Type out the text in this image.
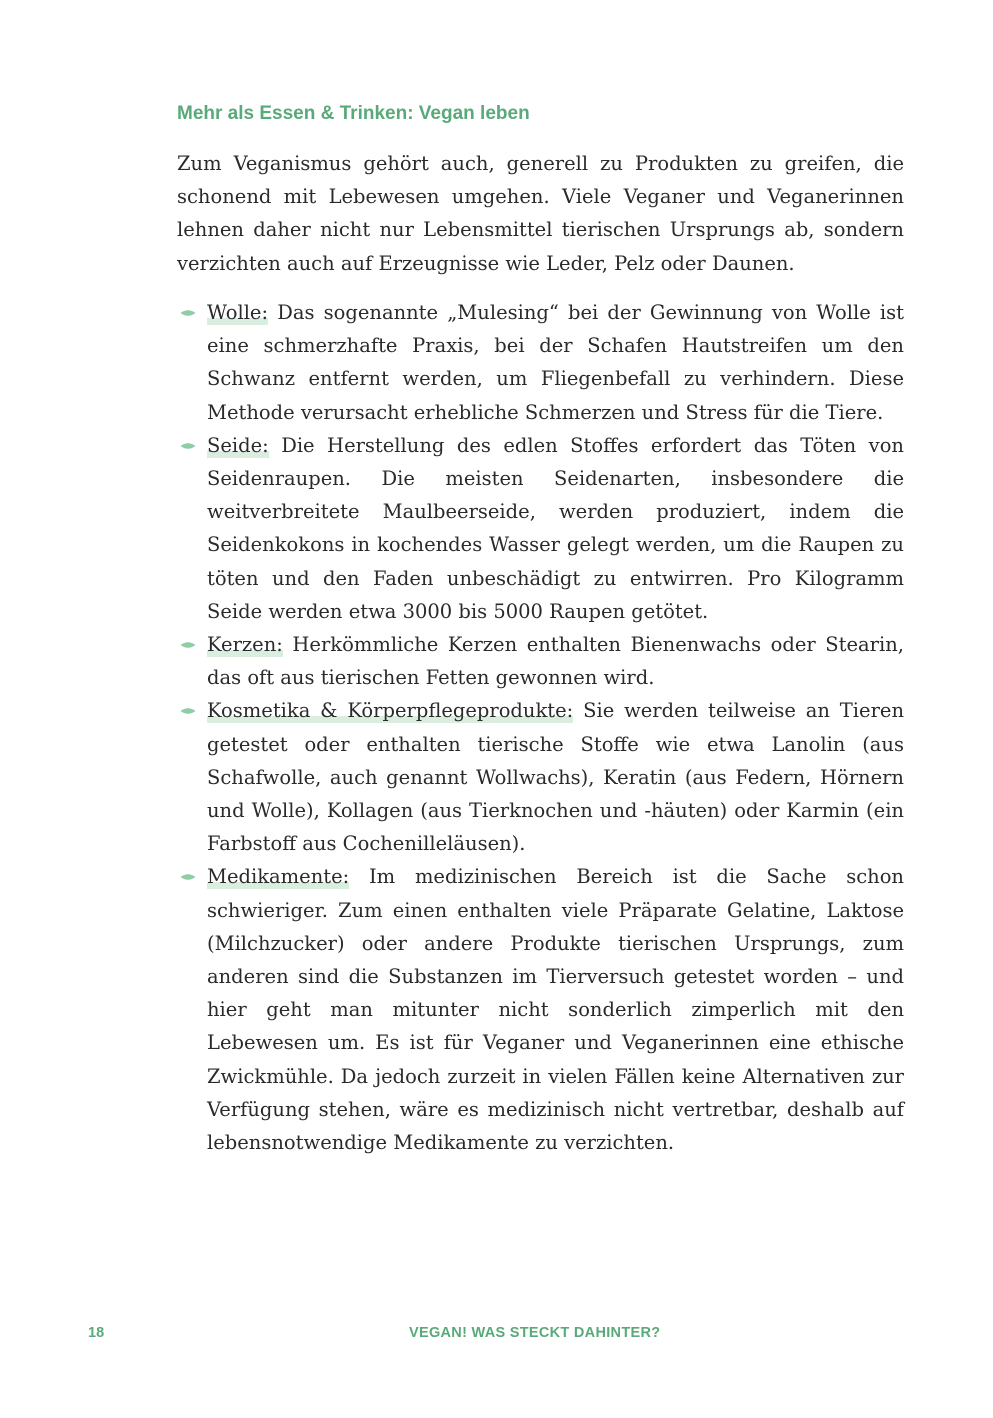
Mehr als Essen & Trinken: Vegan leben

Zum Veganismus gehört auch, generell zu Produkten zu greifen, die schonend mit Lebewesen umgehen. Viele Veganer und Veganerinnen lehnen daher nicht nur Lebensmittel tierischen Ursprungs ab, sondern verzichten auch auf Erzeugnisse wie Leder, Pelz oder Daunen.

Wolle: Das sogenannte „Mulesing“ bei der Gewinnung von Wolle ist eine schmerzhafte Praxis, bei der Schafen Hautstreifen um den Schwanz entfernt werden, um Fliegenbefall zu verhindern. Diese Methode verursacht erhebliche Schmerzen und Stress für die Tiere.
Seide: Die Herstellung des edlen Stoffes erfordert das Töten von Seidenraupen. Die meisten Seidenarten, insbesondere die weitverbreitete Maulbeerseide, werden produziert, indem die Seidenkokons in kochendes Wasser gelegt werden, um die Raupen zu töten und den Faden unbeschädigt zu entwirren. Pro Kilogramm Seide werden etwa 3000 bis 5000 Raupen getötet.
Kerzen: Herkömmliche Kerzen enthalten Bienenwachs oder Stearin, das oft aus tierischen Fetten gewonnen wird.
Kosmetika & Körperpflegeprodukte: Sie werden teilweise an Tieren getestet oder enthalten tierische Stoffe wie etwa Lanolin (aus Schafwolle, auch genannt Wollwachs), Keratin (aus Federn, Hörnern und Wolle), Kollagen (aus Tierknochen und -häuten) oder Karmin (ein Farbstoff aus Cochenilleläusen).
Medikamente: Im medizinischen Bereich ist die Sache schon schwieriger. Zum einen enthalten viele Präparate Gelatine, Laktose (Milchzucker) oder andere Produkte tierischen Ursprungs, zum anderen sind die Substanzen im Tierversuch getestet worden – und hier geht man mitunter nicht sonderlich zimperlich mit den Lebewesen um. Es ist für Veganer und Veganerinnen eine ethische Zwickmühle. Da jedoch zurzeit in vielen Fällen keine Alternativen zur Verfügung stehen, wäre es medizinisch nicht vertretbar, deshalb auf lebensnotwendige Medikamente zu verzichten.
18	VEGAN! WAS STECKT DAHINTER?
